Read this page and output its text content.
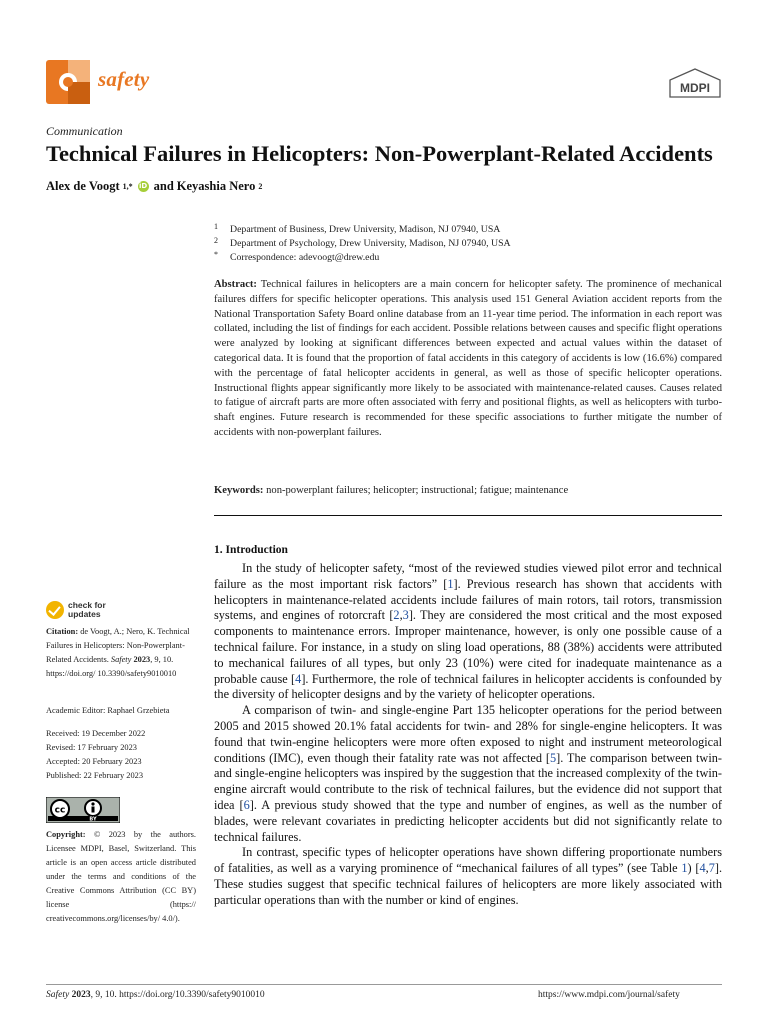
safety	MDPI
Communication
Technical Failures in Helicopters: Non-Powerplant-Related Accidents
Alex de Voogt 1,* iD and Keyashia Nero 2
1 Department of Business, Drew University, Madison, NJ 07940, USA
2 Department of Psychology, Drew University, Madison, NJ 07940, USA
* Correspondence: adevoogt@drew.edu

Abstract: Technical failures in helicopters are a main concern for helicopter safety. The prominence of mechanical failures differs for specific helicopter operations. This analysis used 151 General Aviation accident reports from the National Transportation Safety Board online database from an 11-year time period. The information in each report was collated, including the list of findings for each accident. Possible relations between causes and specific flight operations were analyzed by looking at significant differences between expected and actual values within the dataset of categorical data. It is found that the proportion of fatal accidents in this category of accidents is low (16.6%) compared with the percentage of fatal helicopter accidents in general, as well as those of specific helicopter operations. Instructional flights appear significantly more likely to be associated with maintenance-related causes. Causes related to fatigue of aircraft parts are more often associated with ferry and positional flights, as well as helicopters with turbo-shaft engines. Future research is recommended for these specific associations to further mitigate the number of accidents with non-powerplant failures.

Keywords: non-powerplant failures; helicopter; instructional; fatigue; maintenance
1. Introduction

In the study of helicopter safety, “most of the reviewed studies viewed pilot error and technical failure as the most important risk factors” [1]. Previous research has shown that accidents with helicopters in maintenance-related accidents include failures of main rotors, tail rotors, transmission systems, and engines of rotorcraft [2,3]. They are considered the most critical and the most exposed components to maintenance errors. Improper maintenance, however, is only one possible cause of a technical failure. For instance, in a study on sling load operations, 88 (38%) accidents were attributed to mechanical failures of all types, but only 23 (10%) were cited for inadequate maintenance as a probable cause [4]. Furthermore, the role of technical failures in helicopter accidents is confounded by the diversity of helicopter designs and by the variety of helicopter operations.

A comparison of twin- and single-engine Part 135 helicopter operations for the period between 2005 and 2015 showed 20.1% fatal accidents for twin- and 28% for single-engine helicopters. It was found that twin-engine helicopters were more often exposed to night and instrument meteorological conditions (IMC), even though their fatality rate was not affected [5]. The comparison between twin- and single-engine helicopters was inspired by the suggestion that the increased complexity of the twin-engine aircraft would contribute to the risk of technical failures, but the evidence did not support that idea [6]. A previous study showed that the type and number of engines, as well as the number of blades, were relevant covariates in predicting helicopter accidents but did not significantly relate to technical failures.

In contrast, specific types of helicopter operations have shown differing proportionate numbers of fatalities, as well as a varying prominence of “mechanical failures of all types” (see Table 1) [4,7]. These studies suggest that specific technical failures of helicopters are more likely associated with particular operations than with the number or kind of engines.

check for
updates
Citation: de Voogt, A.; Nero, K. Technical Failures in Helicopters: Non-Powerplant-Related Accidents. Safety 2023, 9, 10. https://doi.org/ 10.3390/safety9010010
Academic Editor: Raphael Grzebieta
Received: 19 December 2022
Revised: 17 February 2023
Accepted: 20 February 2023
Published: 22 February 2023
cc
BY
Copyright: © 2023 by the authors. Licensee MDPI, Basel, Switzerland. This article is an open access article distributed under the terms and conditions of the Creative Commons Attribution (CC BY) license (https:// creativecommons.org/licenses/by/ 4.0/).
Safety 2023, 9, 10. https://doi.org/10.3390/safety9010010	https://www.mdpi.com/journal/safety
